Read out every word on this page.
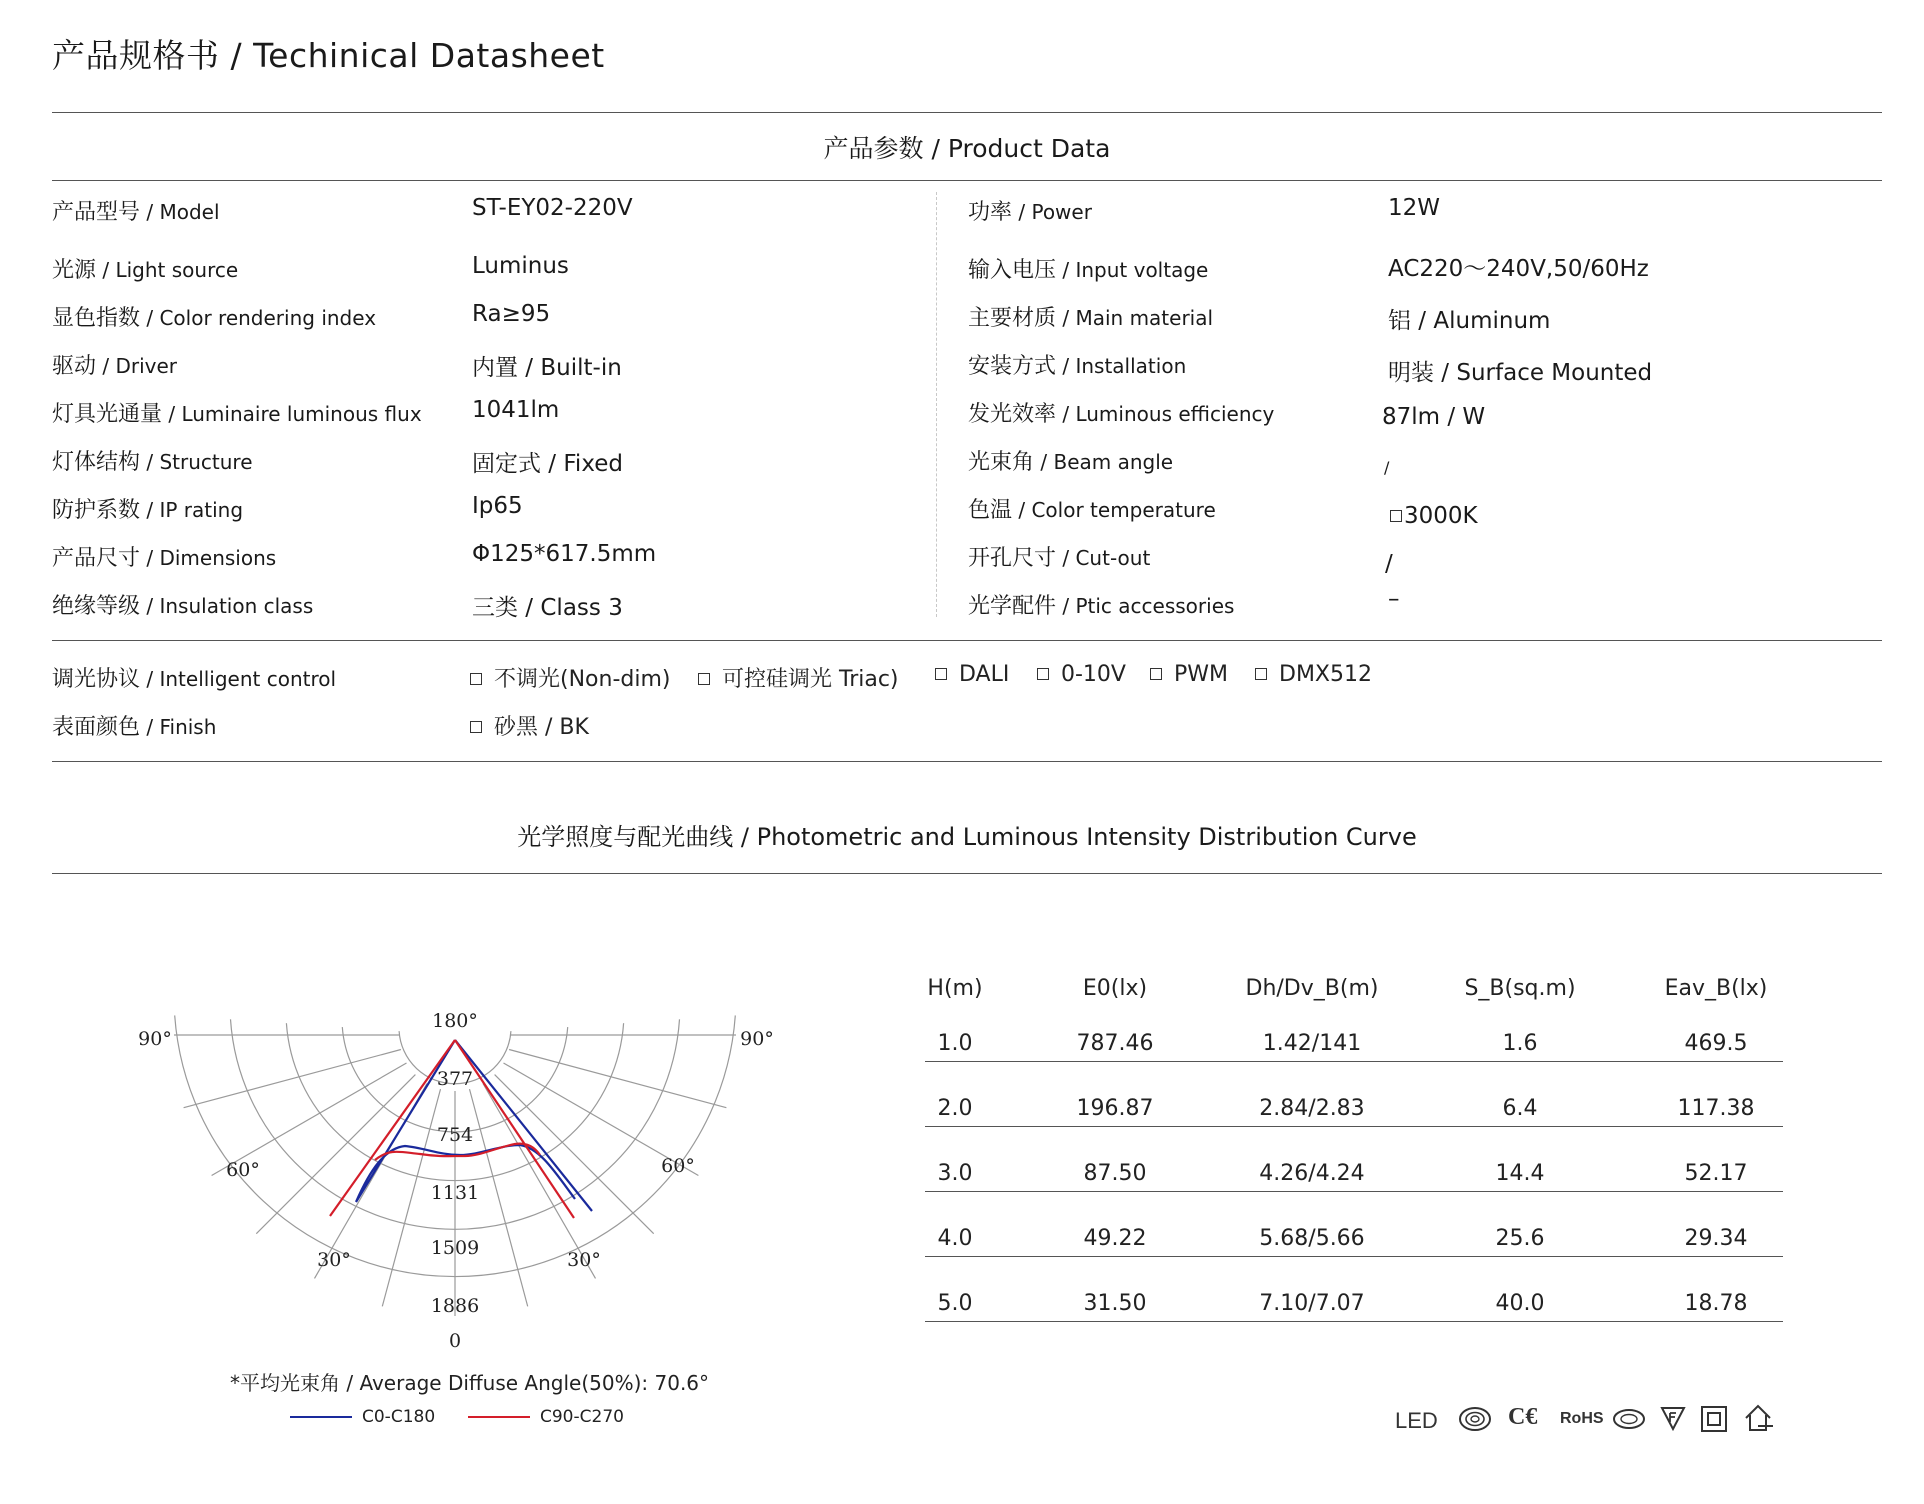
产品规格书 / Techinical Datasheet
产品参数 / Product Data
产品型号 / Model	ST-EY02-220V
光源 / Light source	Luminus
显色指数 / Color rendering index	Ra≥95
驱动 / Driver	内置 / Built-in
灯具光通量 / Luminaire luminous flux 1041lm
灯体结构 / Structure	固定式 / Fixed
防护系数 / IP rating	Ip65
产品尺寸 / Dimensions	Φ125*617.5mm
绝缘等级 / Insulation class	三类 / Class 3
功率 / Power	12W
输入电压 / Input voltage	AC220～240V,50/60Hz
主要材质 / Main material	铝 / Aluminum
安装方式 / Installation	明装 / Surface Mounted
发光效率 / Luminous efficiency	87lm / W
光束角 / Beam angle	/
色温 / Color temperature	3000K
开孔尺寸 / Cut-out	/
光学配件 / Ptic accessories	–
调光协议 / Intelligent control	不调光(Non-dim)	可控硅调光 Triac)	DALI	0-10V	PWM	DMX512
表面颜色 / Finish	砂黑 / BK
光学照度与配光曲线 / Photometric and Luminous Intensity Distribution Curve
377
754
1131
1509
1886
180°
90°	90°
60°	60°
30°	30°
0
*平均光束角 / Average Diffuse Angle(50%): 70.6°
C0-C180	C90-C270
H(m)	E0(lx)	Dh/Dv_B(m)	S_B(sq.m)	Eav_B(lx)
1.0	787.46	1.42/141	1.6	469.5
2.0	196.87	2.84/2.83	6.4	117.38
3.0	87.50	4.26/4.24	14.4	52.17
4.0	49.22	5.68/5.66	25.6	29.34
5.0	31.50	7.10/7.07	40.0	18.78
LED	C€ RoHS
